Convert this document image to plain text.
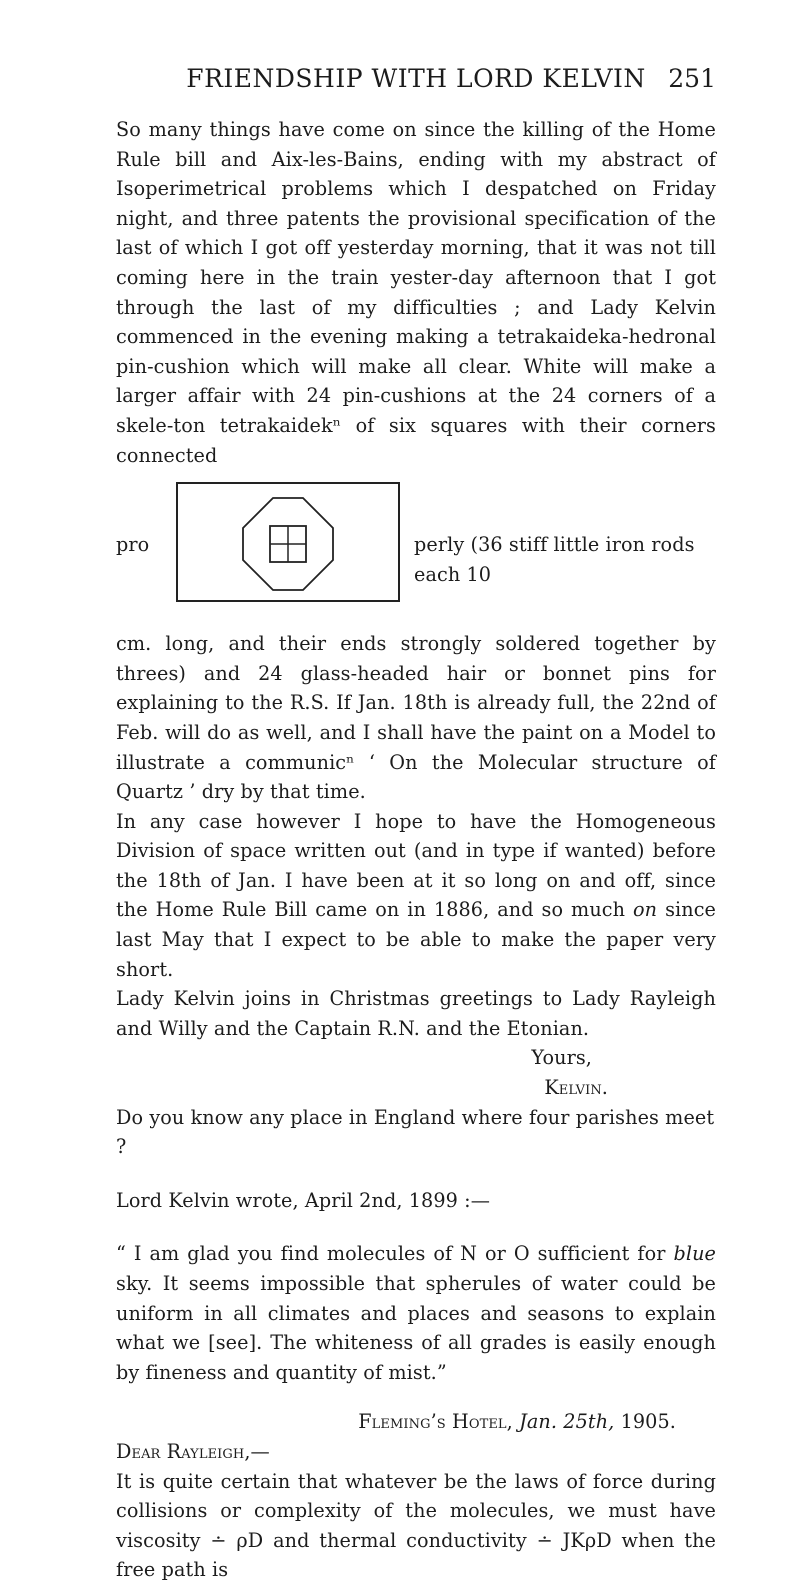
FRIENDSHIP WITH LORD KELVIN 251

So many things have come on since the killing of the Home Rule bill and Aix-les-Bains, ending with my abstract of Isoperimetrical problems which I despatched on Friday night, and three patents the provisional specification of the last of which I got off yesterday morning, that it was not till coming here in the train yester-day afternoon that I got through the last of my difficulties ; and Lady Kelvin commenced in the evening making a tetrakaideka-hedronal pin-cushion which will make all clear. White will make a larger affair with 24 pin-cushions at the 24 corners of a skele-ton tetrakaidekⁿ of six squares with their corners connected

pro	perly (36 stiff little iron rods each 10

cm. long, and their ends strongly soldered together by threes) and 24 glass-headed hair or bonnet pins for explaining to the R.S. If Jan. 18th is already full, the 22nd of Feb. will do as well, and I shall have the paint on a Model to illustrate a communicⁿ ‘ On the Molecular structure of Quartz ’ dry by that time.

In any case however I hope to have the Homogeneous Division of space written out (and in type if wanted) before the 18th of Jan. I have been at it so long on and off, since the Home Rule Bill came on in 1886, and so much on since last May that I expect to be able to make the paper very short.

Lady Kelvin joins in Christmas greetings to Lady Rayleigh and Willy and the Captain R.N. and the Etonian.

Yours,
Kelvin.

Do you know any place in England where four parishes meet ?

Lord Kelvin wrote, April 2nd, 1899 :—

“ I am glad you find molecules of N or O sufficient for blue sky. It seems impossible that spherules of water could be uniform in all climates and places and seasons to explain what we [see]. The whiteness of all grades is easily enough by fineness and quantity of mist.”

Fleming’s Hotel, Jan. 25th, 1905.

Dear Rayleigh,—

It is quite certain that whatever be the laws of force during collisions or complexity of the molecules, we must have viscosity ∸ ρD and thermal conductivity ∸ JKρD when the free path is
